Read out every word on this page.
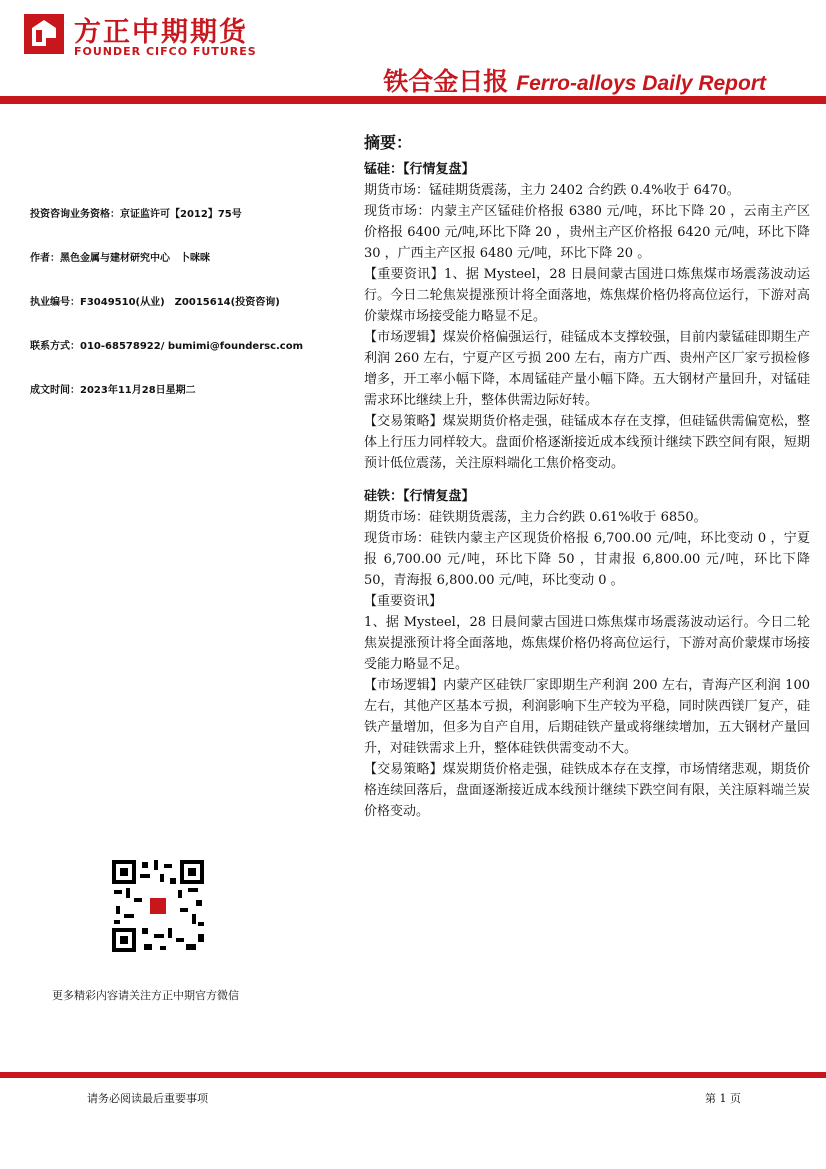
方正中期期货
FOUNDER CIFCO FUTURES
铁合金日报 Ferro-alloys Daily Report
投资咨询业务资格：京证监许可【2012】75号
作者：黑色金属与建材研究中心　卜咪咪
执业编号：F3049510(从业)　Z0015614(投资咨询)
联系方式：010-68578922/ bumimi@foundersc.com
成文时间：2023年11月28日星期二
更多精彩内容请关注方正中期官方微信
摘要：
锰硅：【行情复盘】

期货市场：锰硅期货震荡，主力 2402 合约跌 0.4%收于 6470。

现货市场：内蒙主产区锰硅价格报 6380 元/吨，环比下降 20 ，云南主产区价格报 6400 元/吨,环比下降 20 ，贵州主产区价格报 6420 元/吨，环比下降 30 ，广西主产区报 6480 元/吨，环比下降 20 。

【重要资讯】1、据 Mysteel，28 日晨间蒙古国进口炼焦煤市场震荡波动运行。今日二轮焦炭提涨预计将全面落地，炼焦煤价格仍将高位运行，下游对高价蒙煤市场接受能力略显不足。

【市场逻辑】煤炭价格偏强运行，硅锰成本支撑较强，目前内蒙锰硅即期生产利润 260 左右，宁夏产区亏损 200 左右，南方广西、贵州产区厂家亏损检修增多，开工率小幅下降，本周锰硅产量小幅下降。五大钢材产量回升，对锰硅需求环比继续上升，整体供需边际好转。

【交易策略】煤炭期货价格走强，硅锰成本存在支撑，但硅锰供需偏宽松，整体上行压力同样较大。盘面价格逐渐接近成本线预计继续下跌空间有限，短期预计低位震荡，关注原料端化工焦价格变动。

硅铁：【行情复盘】

期货市场：硅铁期货震荡，主力合约跌 0.61%收于 6850。

现货市场：硅铁内蒙主产区现货价格报 6,700.00 元/吨，环比变动 0 ，宁夏报 6,700.00 元/吨，环比下降 50 ，甘肃报 6,800.00 元/吨，环比下降 50，青海报 6,800.00 元/吨，环比变动 0 。

【重要资讯】

1、据 Mysteel，28 日晨间蒙古国进口炼焦煤市场震荡波动运行。今日二轮焦炭提涨预计将全面落地，炼焦煤价格仍将高位运行，下游对高价蒙煤市场接受能力略显不足。

【市场逻辑】内蒙产区硅铁厂家即期生产利润 200 左右，青海产区利润 100 左右，其他产区基本亏损，利润影响下生产较为平稳，同时陕西镁厂复产，硅铁产量增加，但多为自产自用，后期硅铁产量或将继续增加，五大钢材产量回升，对硅铁需求上升，整体硅铁供需变动不大。

【交易策略】煤炭期货价格走强，硅铁成本存在支撑，市场情绪悲观，期货价格连续回落后，盘面逐渐接近成本线预计继续下跌空间有限，关注原料端兰炭价格变动。

请务必阅读最后重要事项	第 1 页
